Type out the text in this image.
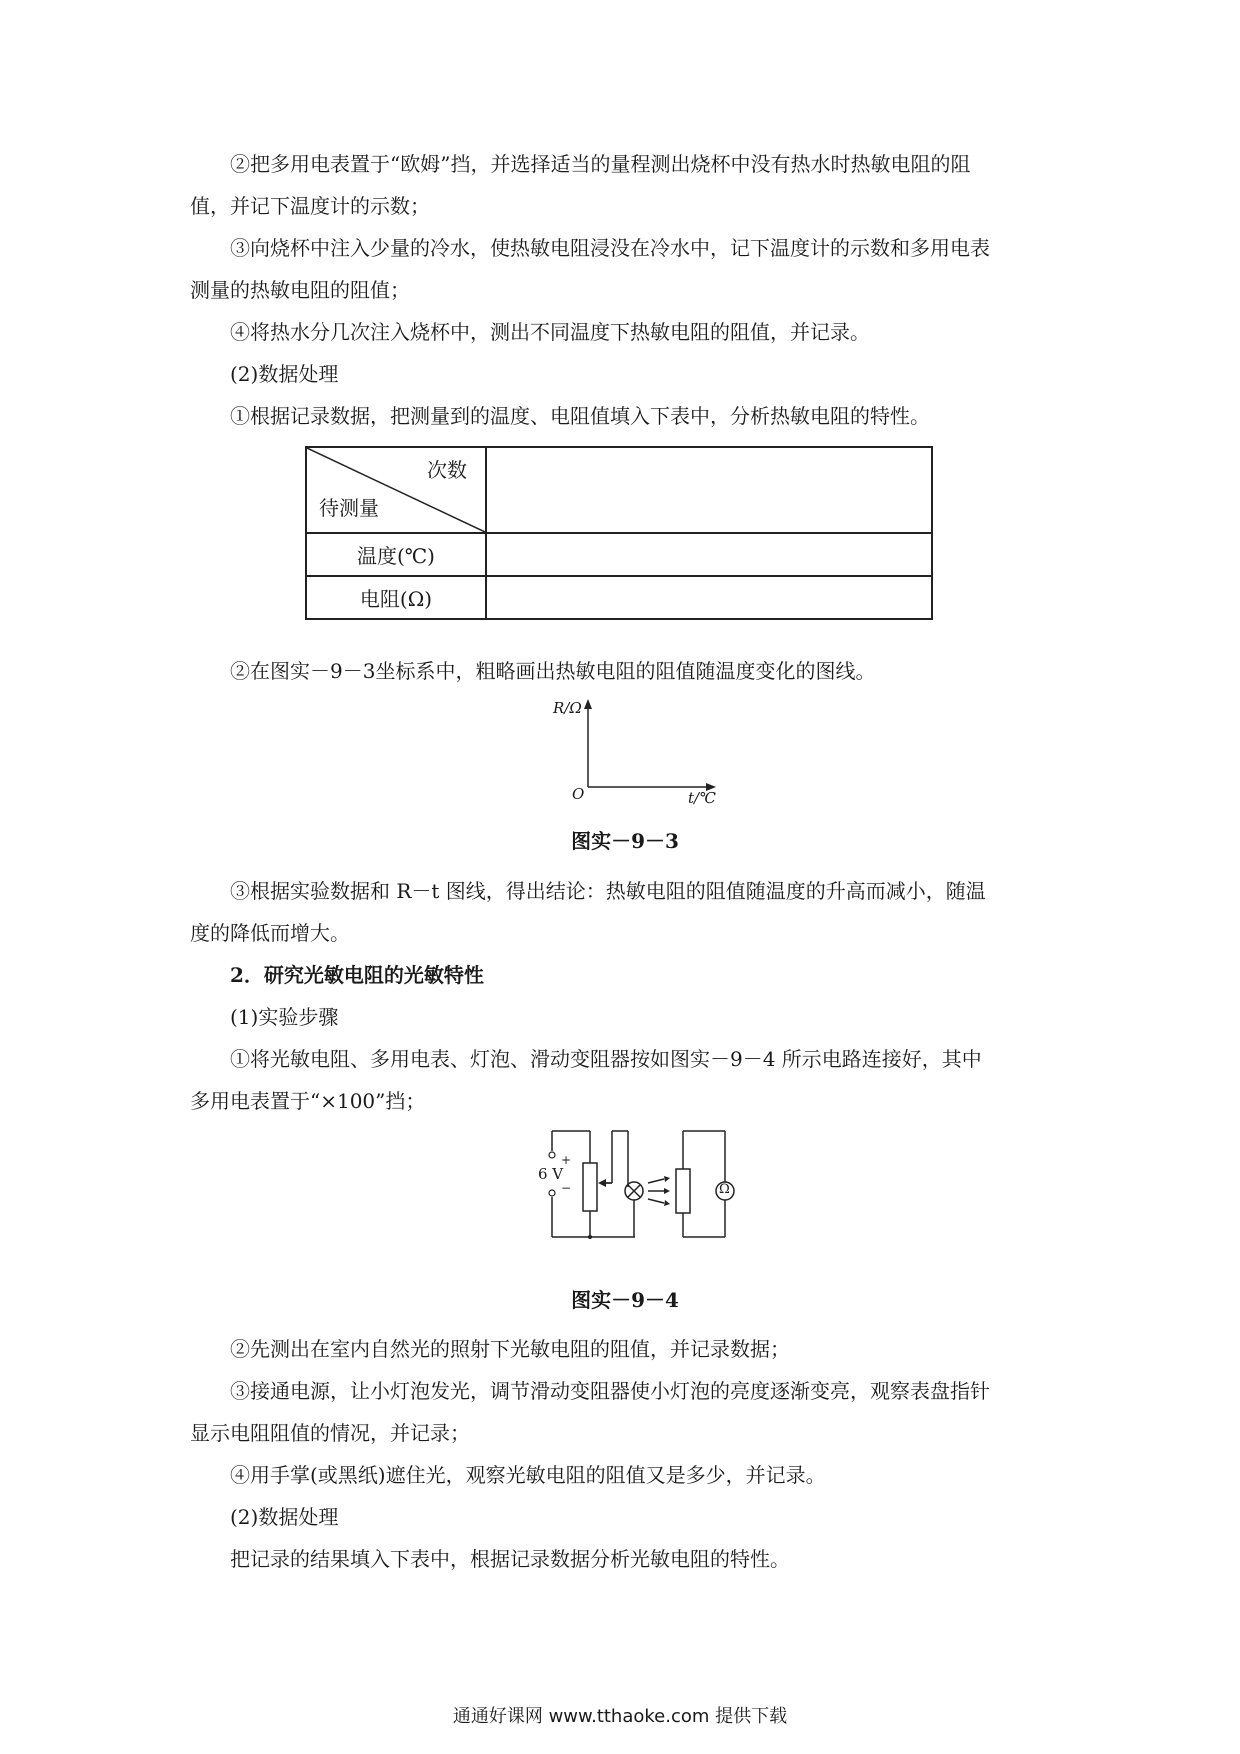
②把多用电表置于“欧姆”挡，并选择适当的量程测出烧杯中没有热水时热敏电阻的阻

值，并记下温度计的示数；

③向烧杯中注入少量的冷水，使热敏电阻浸没在冷水中，记下温度计的示数和多用电表

测量的热敏电阻的阻值；

④将热水分几次注入烧杯中，测出不同温度下热敏电阻的阻值，并记录。

(2)数据处理

①根据记录数据，把测量到的温度、电阻值填入下表中，分析热敏电阻的特性。

次数
待测量	

温度(℃)	
电阻(Ω)	

②在图实－9－3坐标系中，粗略画出热敏电阻的阻值随温度变化的图线。

R/Ω
O	t/℃
图实－9－3

③根据实验数据和 R－t 图线，得出结论：热敏电阻的阻值随温度的升高而减小，随温

度的降低而增大。

2．研究光敏电阻的光敏特性

(1)实验步骤

①将光敏电阻、多用电表、灯泡、滑动变阻器按如图实－9－4 所示电路连接好，其中

多用电表置于“×100”挡；

+
6 V
−	Ω
图实－9－4

②先测出在室内自然光的照射下光敏电阻的阻值，并记录数据；

③接通电源，让小灯泡发光，调节滑动变阻器使小灯泡的亮度逐渐变亮，观察表盘指针

显示电阻阻值的情况，并记录；

④用手掌(或黑纸)遮住光，观察光敏电阻的阻值又是多少，并记录。

(2)数据处理

把记录的结果填入下表中，根据记录数据分析光敏电阻的特性。

通通好课网 www.tthaoke.com 提供下载
